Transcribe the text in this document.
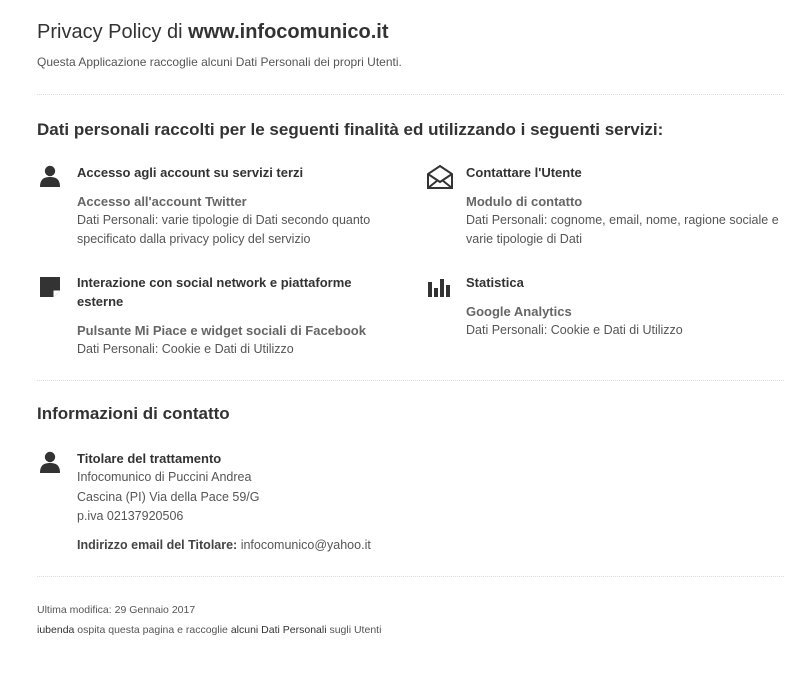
Privacy Policy di www.infocomunico.it
Questa Applicazione raccoglie alcuni Dati Personali dei propri Utenti.
Dati personali raccolti per le seguenti finalità ed utilizzando i seguenti servizi:
Accesso agli account su servizi terzi
Accesso all'account Twitter
Dati Personali: varie tipologie di Dati secondo quanto specificato dalla privacy policy del servizio
Contattare l'Utente
Modulo di contatto
Dati Personali: cognome, email, nome, ragione sociale e varie tipologie di Dati
Interazione con social network e piattaforme esterne
Pulsante Mi Piace e widget sociali di Facebook
Dati Personali: Cookie e Dati di Utilizzo
Statistica
Google Analytics
Dati Personali: Cookie e Dati di Utilizzo
Informazioni di contatto
Titolare del trattamento
Infocomunico di Puccini Andrea
Cascina (PI) Via della Pace 59/G
p.iva 02137920506
Indirizzo email del Titolare: infocomunico@yahoo.it
Ultima modifica: 29 Gennaio 2017
iubenda ospita questa pagina e raccoglie alcuni Dati Personali sugli Utenti
